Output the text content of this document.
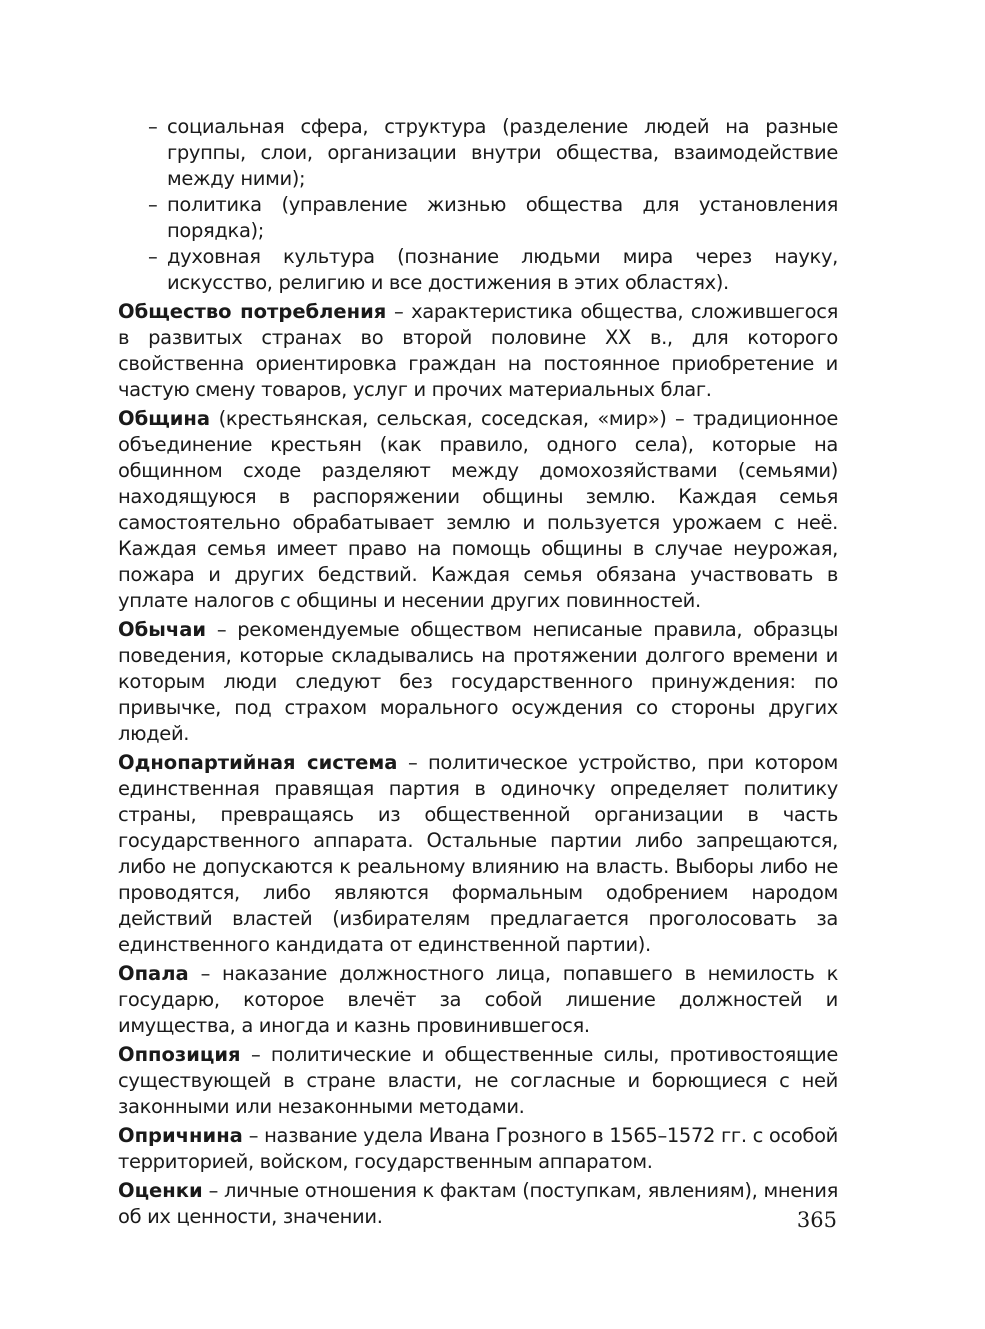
– социальная сфера, структура (разделение людей на разные группы, слои, организации внутри общества, взаимодействие между ними);
– политика (управление жизнью общества для установления порядка);
– духовная культура (познание людьми мира через науку, искусство, религию и все достижения в этих областях).

Общество потребления – характеристика общества, сложившегося в развитых странах во второй половине XX в., для которого свойственна ориентировка граждан на постоянное приобретение и частую смену товаров, услуг и прочих материальных благ.

Община (крестьянская, сельская, соседская, «мир») – традиционное объединение крестьян (как правило, одного села), которые на общинном сходе разделяют между домохозяйствами (семьями) находящуюся в распоряжении общины землю. Каждая семья самостоятельно обрабатывает землю и пользуется урожаем с неё. Каждая семья имеет право на помощь общины в случае неурожая, пожара и других бедствий. Каждая семья обязана участвовать в уплате налогов с общины и несении других повинностей.

Обычаи – рекомендуемые обществом неписаные правила, образцы поведения, которые складывались на протяжении долгого времени и которым люди следуют без государственного принуждения: по привычке, под страхом морального осуждения со стороны других людей.

Однопартийная система – политическое устройство, при котором единственная правящая партия в одиночку определяет политику страны, превращаясь из общественной организации в часть государственного аппарата. Остальные партии либо запрещаются, либо не допускаются к реальному влиянию на власть. Выборы либо не проводятся, либо являются формальным одобрением народом действий властей (избирателям предлагается проголосовать за единственного кандидата от единственной партии).

Опала – наказание должностного лица, попавшего в немилость к государю, которое влечёт за собой лишение должностей и имущества, а иногда и казнь провинившегося.

Оппозиция – политические и общественные силы, противостоящие существующей в стране власти, не согласные и борющиеся с ней законными или незаконными методами.

Опричнина – название удела Ивана Грозного в 1565–1572 гг. с особой территорией, войском, государственным аппаратом.

Оценки – личные отношения к фактам (поступкам, явлениям), мнения об их ценности, значении.	365
